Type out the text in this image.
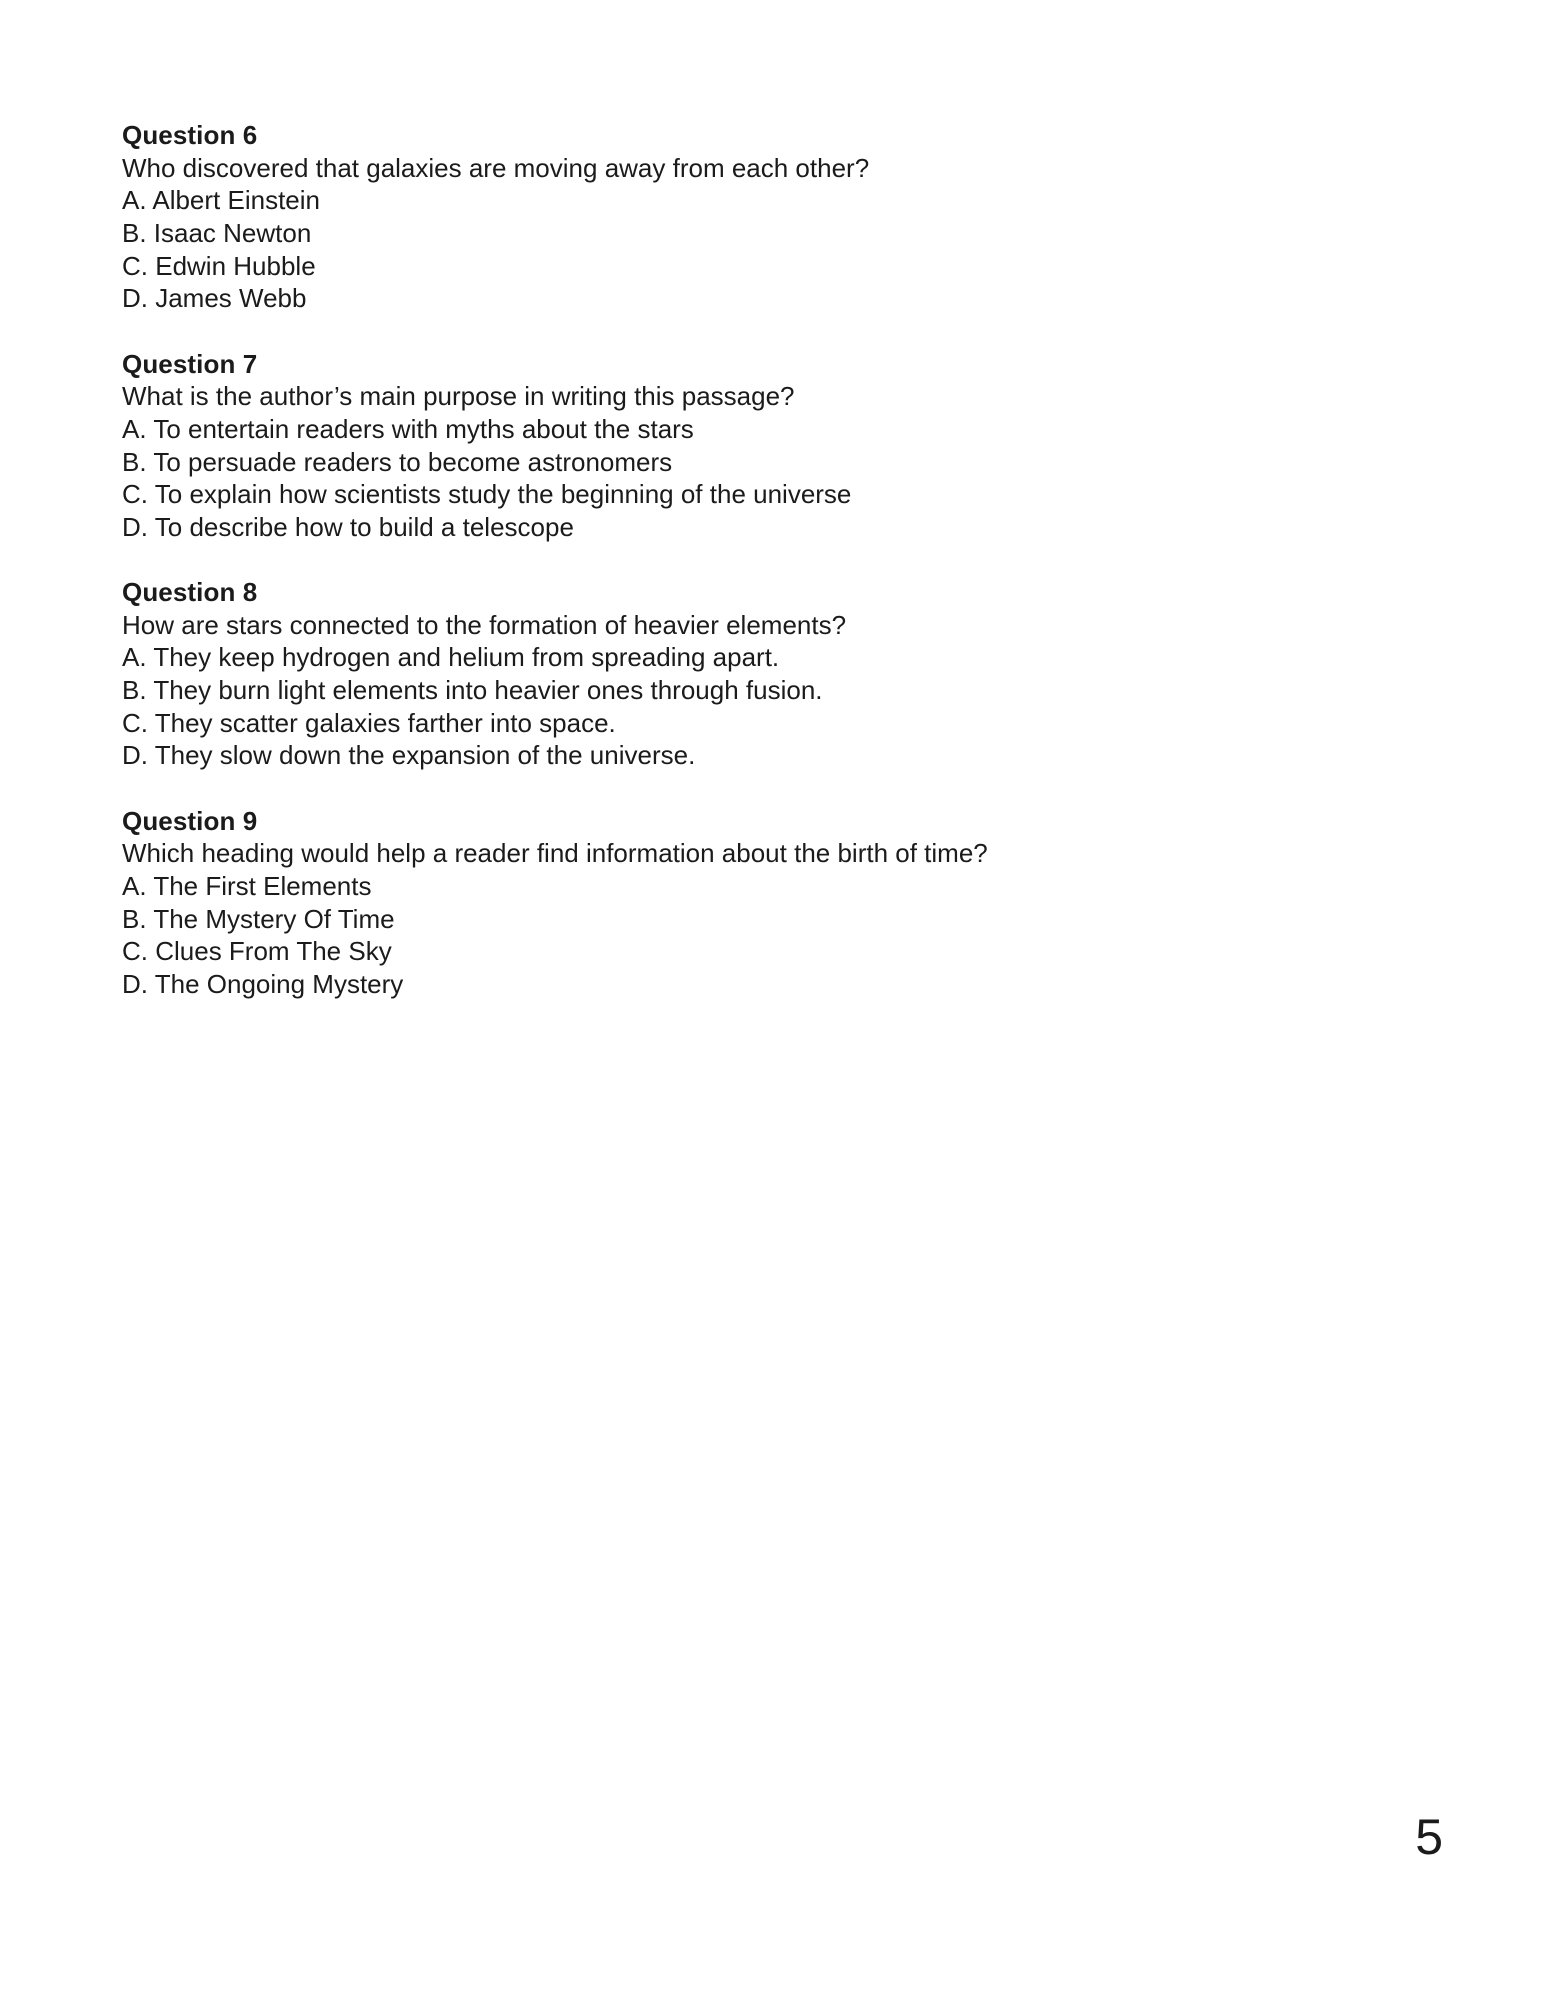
Question 6

Who discovered that galaxies are moving away from each other?

A. Albert Einstein

B. Isaac Newton

C. Edwin Hubble

D. James Webb

Question 7

What is the author’s main purpose in writing this passage?

A. To entertain readers with myths about the stars

B. To persuade readers to become astronomers

C. To explain how scientists study the beginning of the universe

D. To describe how to build a telescope

Question 8

How are stars connected to the formation of heavier elements?

A. They keep hydrogen and helium from spreading apart.

B. They burn light elements into heavier ones through fusion.

C. They scatter galaxies farther into space.

D. They slow down the expansion of the universe.

Question 9

Which heading would help a reader find information about the birth of time?

A. The First Elements

B. The Mystery Of Time

C. Clues From The Sky

D. The Ongoing Mystery

5
